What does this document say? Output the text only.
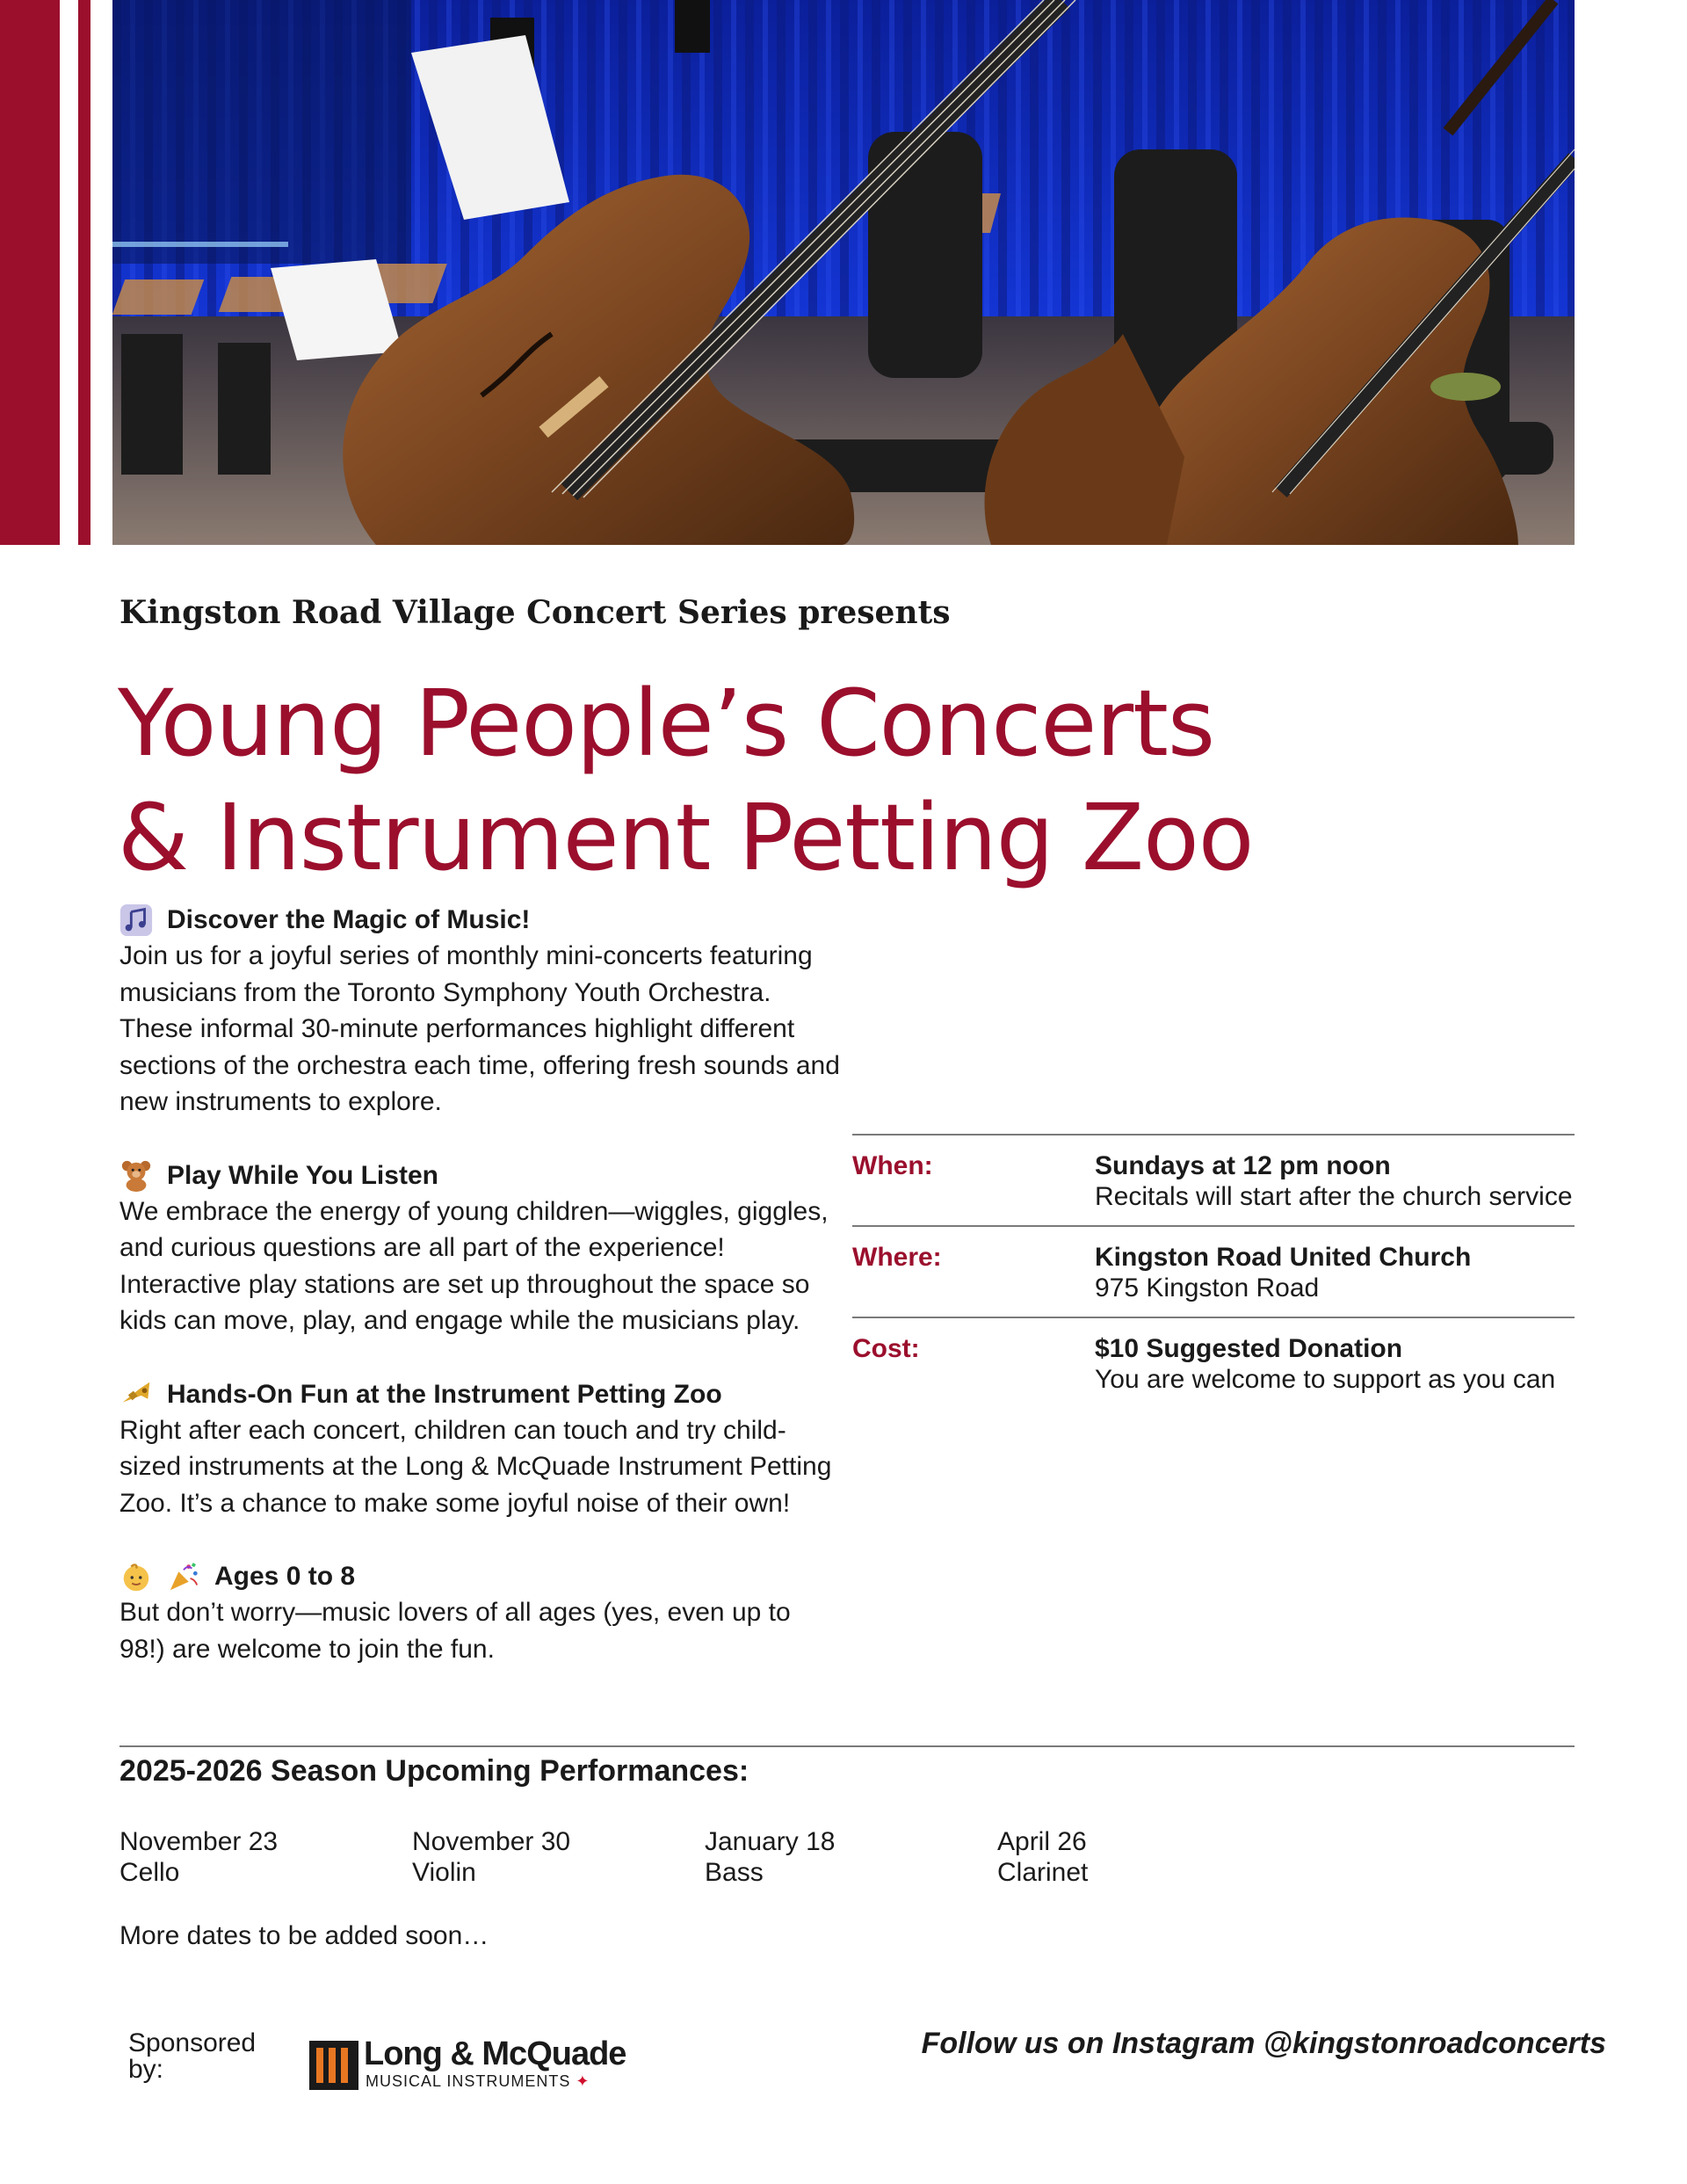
Kingston Road Village Concert Series presents
Young People’s Concerts
& Instrument Petting Zoo
Discover the Magic of Music!

Join us for a joyful series of monthly mini-concerts featuring musicians from the Toronto Symphony Youth Orchestra. These informal 30-minute performances highlight different sections of the orchestra each time, offering fresh sounds and new instruments to explore.

Play While You Listen

We embrace the energy of young children—wiggles, giggles, and curious questions are all part of the experience! Interactive play stations are set up throughout the space so kids can move, play, and engage while the musicians play.

Hands-On Fun at the Instrument Petting Zoo

Right after each concert, children can touch and try child-sized instruments at the Long & McQuade Instrument Petting Zoo. It’s a chance to make some joyful noise of their own!

Ages 0 to 8

But don’t worry—music lovers of all ages (yes, even up to 98!) are welcome to join the fun.

When:	Sundays at 12 pm noon
Recitals will start after the church service
Where:	Kingston Road United Church
975 Kingston Road
Cost:	$10 Suggested Donation
You are welcome to support as you can
2025-2026 Season Upcoming Performances:
November 23
Cello
November 30
Violin
January 18
Bass
April 26
Clarinet
More dates to be added soon…
Sponsored by:	Long & McQuade
MUSICAL INSTRUMENTS ✦
Follow us on Instagram @kingstonroadconcerts
